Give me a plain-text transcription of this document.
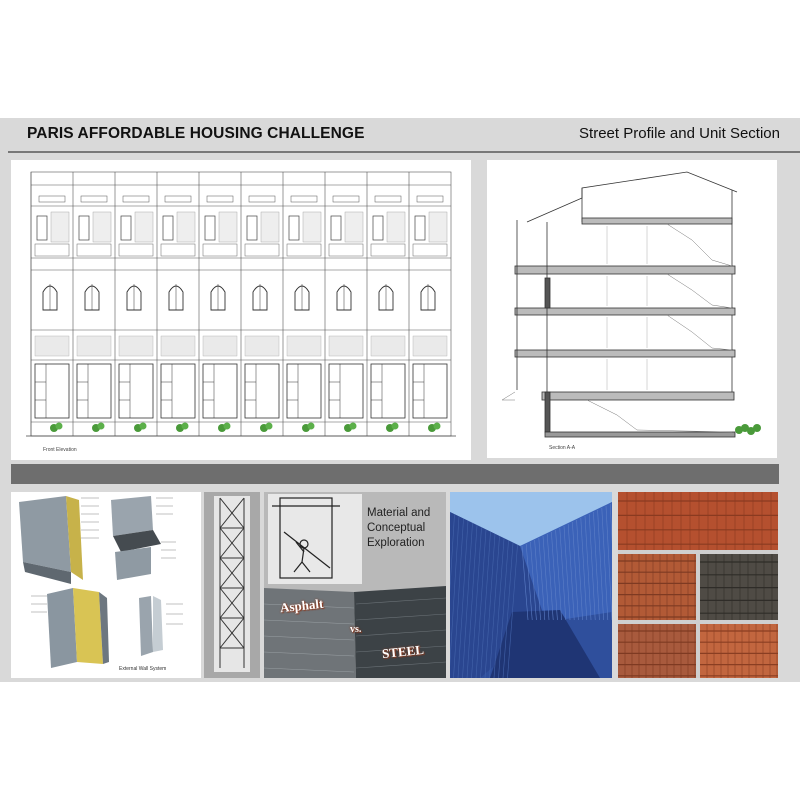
PARIS AFFORDABLE HOUSING CHALLENGE	Street Profile and Unit Section
Front Elevation	Section A-A
External Wall System
Material and
Conceptual
Exploration
Asphalt
vs.
STEEL
